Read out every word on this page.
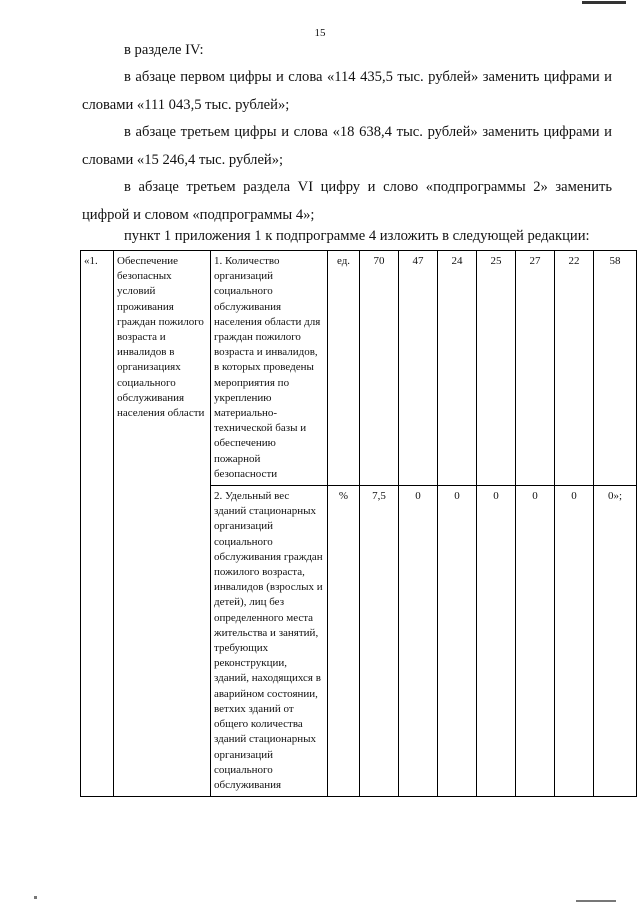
15

в разделе IV:

в абзаце первом цифры и слова «114 435,5 тыс. рублей» заменить цифрами и словами «111 043,5 тыс. рублей»;

в абзаце третьем цифры и слова «18 638,4 тыс. рублей» заменить цифрами и словами «15 246,4 тыс. рублей»;

в абзаце третьем раздела VI цифру и слово «подпрограммы 2» заменить цифрой и словом «подпрограммы 4»;

пункт 1 приложения 1 к подпрограмме 4 изложить в следующей редакции:

«1.	Обеспечение безопасных условий проживания граждан пожилого возраста и инвалидов в организациях социального обслуживания населения области	1. Количество организаций социального обслуживания населения области для граждан пожилого возраста и инвалидов, в которых проведены мероприятия по укреплению материально-технической базы и обеспечению пожарной безопасности	ед.	70	47	24	25	27	22	58
		2. Удельный вес зданий стационарных организаций социального обслуживания граждан пожилого возраста, инвалидов (взрослых и детей), лиц без определенного места жительства и занятий, требующих реконструкции, зданий, находящихся в аварийном состоянии, ветхих зданий от общего количества зданий стационарных организаций социального обслуживания	%	7,5	0	0	0	0	0	0»;
